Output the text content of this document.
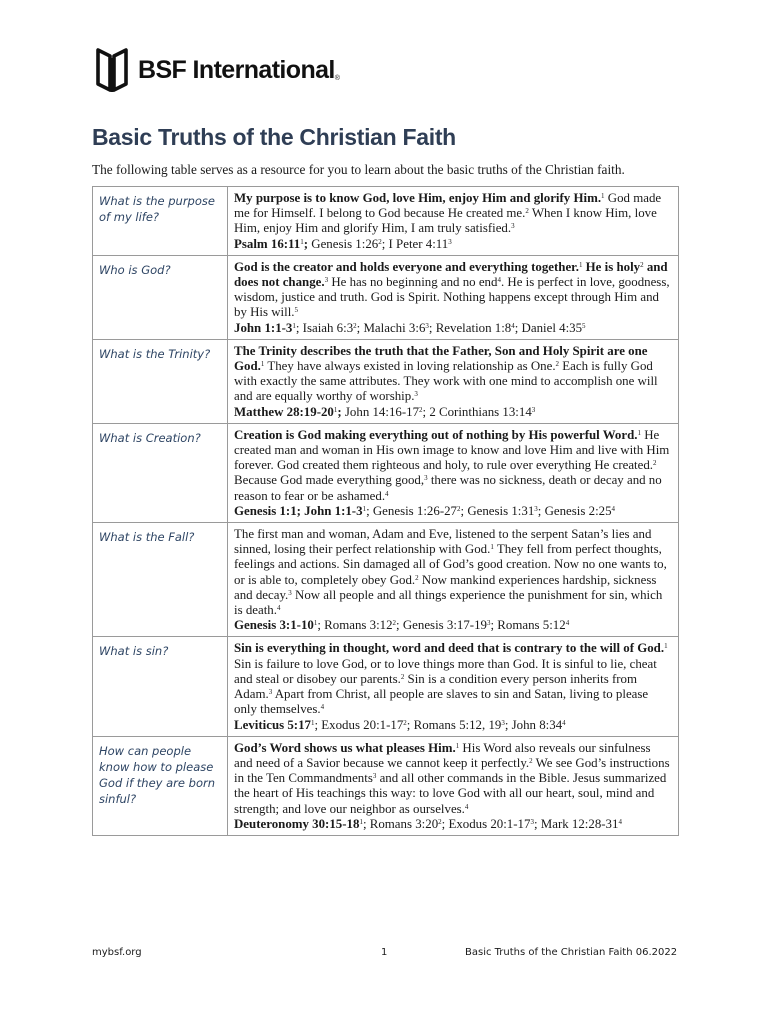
BSF International®
Basic Truths of the Christian Faith

The following table serves as a resource for you to learn about the basic truths of the Christian faith.

What is the purpose of my life?	My purpose is to know God, love Him, enjoy Him and glorify Him.$^1$ God made me for Himself. I belong to God because He created me.$^2$ When I know Him, love Him, enjoy Him and glorify Him, I am truly satisfied.$^3$
Psalm $16:11^1$; Genesis $1:26^2$; I Peter $4:11^3$
Who is God?	God is the creator and holds everyone and everything together.$^1$ He is holy$^2$ and does not change.$^3$ He has no beginning and no end$^4$. He is perfect in love, goodness, wisdom, justice and truth. God is Spirit. Nothing happens except through Him and by His will.$^5$
John $1:1-3^1$; Isaiah $6:3^2$; Malachi $3:6^3$; Revelation $1:8^4$; Daniel $4:35^5$
What is the Trinity?	The Trinity describes the truth that the Father, Son and Holy Spirit are one God.$^1$ They have always existed in loving relationship as One.$^2$ Each is fully God with exactly the same attributes. They work with one mind to accomplish one will and are equally worthy of worship.$^3$
Matthew $28:19-20^1$; John $14:16-17^2$; 2 Corinthians $13:14^3$
What is Creation?	Creation is God making everything out of nothing by His powerful Word.$^1$ He created man and woman in His own image to know and love Him and live with Him forever. God created them righteous and holy, to rule over everything He created.$^2$ Because God made everything good,$^3$ there was no sickness, death or decay and no reason to fear or be ashamed.$^4$
Genesis 1:1; John $1:1-3^1$; Genesis $1:26-27^2$; Genesis $1:31^3$; Genesis $2:25^4$
What is the Fall?	The first man and woman, Adam and Eve, listened to the serpent Satan’s lies and sinned, losing their perfect relationship with God.$^1$ They fell from perfect thoughts, feelings and actions. Sin damaged all of God’s good creation. Now no one wants to, or is able to, completely obey God.$^2$ Now mankind experiences hardship, sickness and decay.$^3$ Now all people and all things experience the punishment for sin, which is death.$^4$
Genesis $3:1-10^1$; Romans $3:12^2$; Genesis $3:17-19^3$; Romans $5:12^4$
What is sin?	Sin is everything in thought, word and deed that is contrary to the will of God.$^1$ Sin is failure to love God, or to love things more than God. It is sinful to lie, cheat and steal or disobey our parents.$^2$ Sin is a condition every person inherits from Adam.$^3$ Apart from Christ, all people are slaves to sin and Satan, living to please only themselves.$^4$
Leviticus $5:17^1$; Exodus $20:1-17^2$; Romans 5:12, $19^3$; John $8:34^4$
How can people know how to please God if they are born sinful?	God’s Word shows us what pleases Him.$^1$ His Word also reveals our sinfulness and need of a Savior because we cannot keep it perfectly.$^2$ We see God’s instructions in the Ten Commandments$^3$ and all other commands in the Bible. Jesus summarized the heart of His teachings this way: to love God with all our heart, soul, mind and strength; and love our neighbor as ourselves.$^4$
Deuteronomy $30:15-18^1$; Romans $3:20^2$; Exodus $20:1-17^3$; Mark $12:28-31^4$
mybsf.org	1	Basic Truths of the Christian Faith 06.2022
